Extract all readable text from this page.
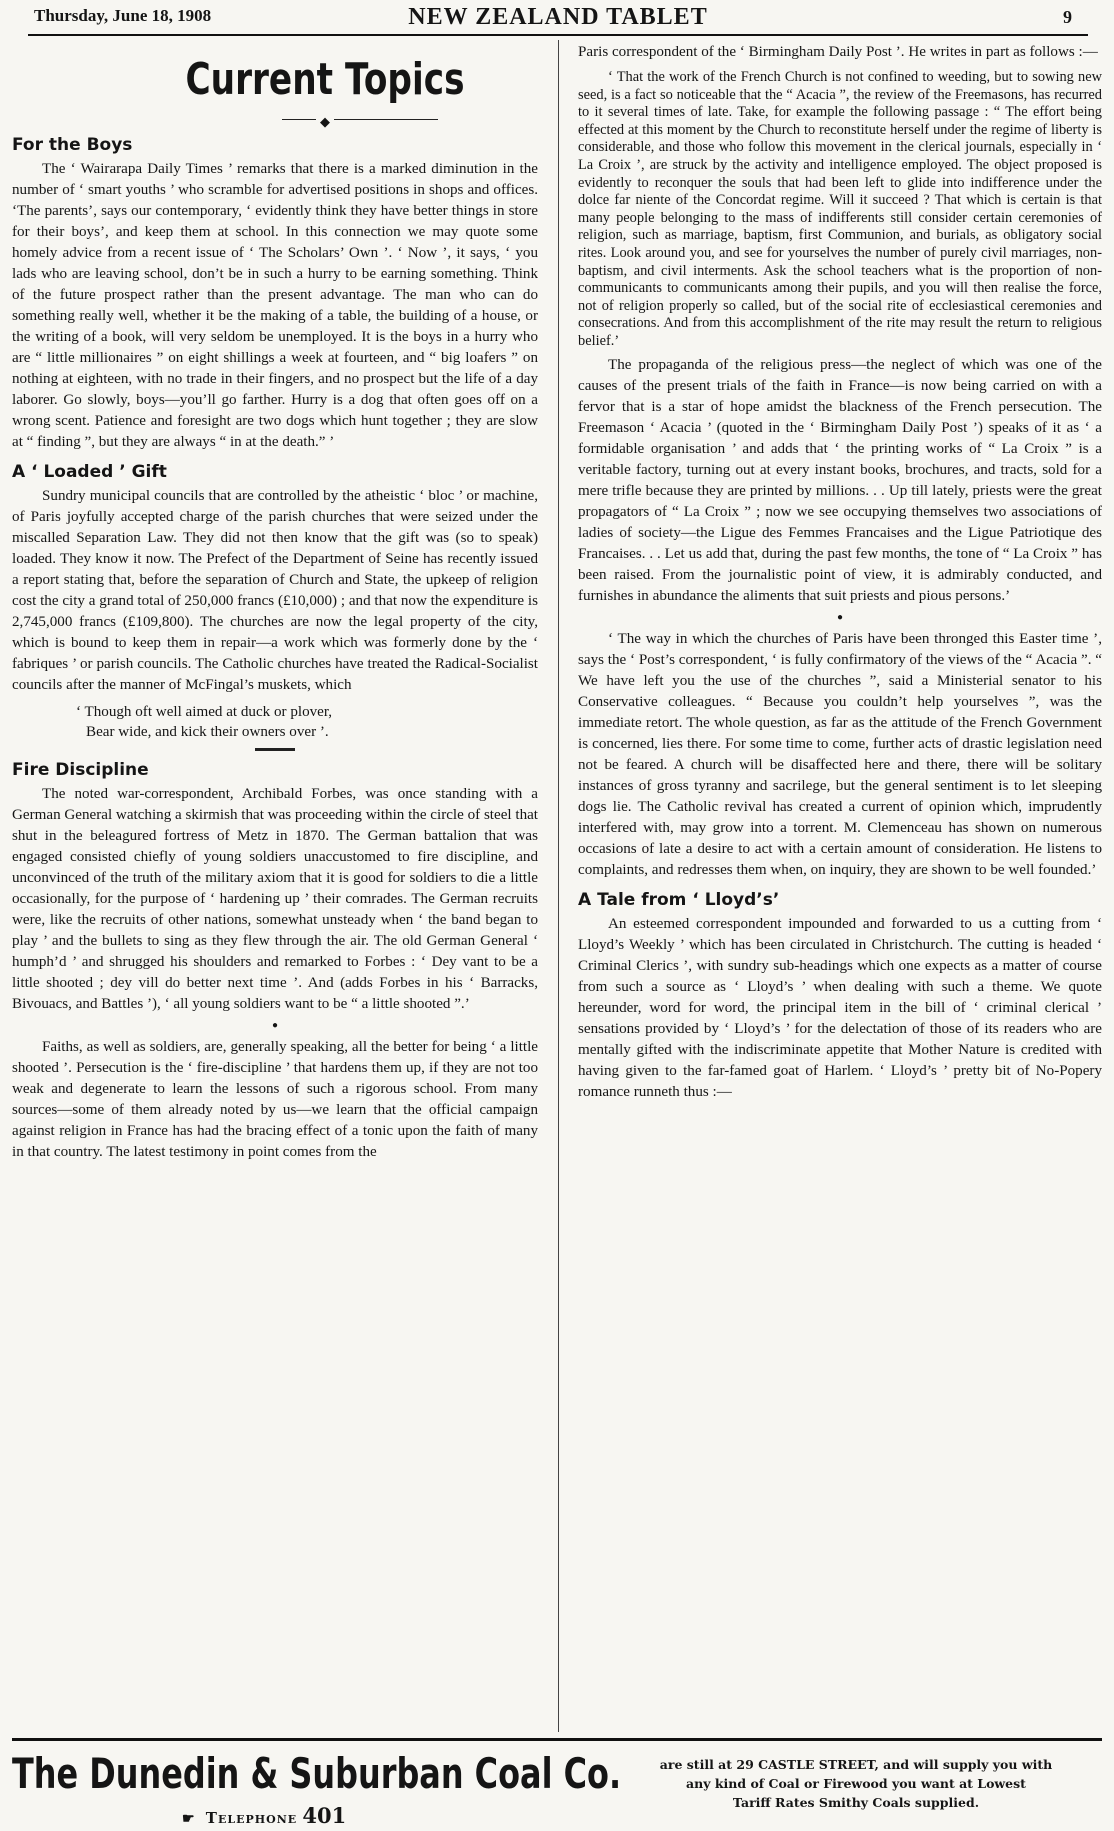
Thursday, June 18, 1908	NEW ZEALAND TABLET	9
Current Topics
◆
For the Boys

The ‘ Wairarapa Daily Times ’ remarks that there is a marked diminution in the number of ‘ smart youths ’ who scramble for advertised positions in shops and offices. ‘The parents’, says our contemporary, ‘ evidently think they have better things in store for their boys’, and keep them at school. In this connection we may quote some homely advice from a recent issue of ‘ The Scholars’ Own ’. ‘ Now ’, it says, ‘ you lads who are leaving school, don’t be in such a hurry to be earning something. Think of the future prospect rather than the present advantage. The man who can do something really well, whether it be the making of a table, the building of a house, or the writing of a book, will very seldom be unemployed. It is the boys in a hurry who are “ little millionaires ” on eight shillings a week at fourteen, and “ big loafers ” on nothing at eighteen, with no trade in their fingers, and no prospect but the life of a day laborer. Go slowly, boys—you’ll go farther. Hurry is a dog that often goes off on a wrong scent. Patience and foresight are two dogs which hunt together ; they are slow at “ finding ”, but they are always “ in at the death.” ’

A ‘ Loaded ’ Gift

Sundry municipal councils that are controlled by the atheistic ‘ bloc ’ or machine, of Paris joyfully accepted charge of the parish churches that were seized under the miscalled Separation Law. They did not then know that the gift was (so to speak) loaded. They know it now. The Prefect of the Department of Seine has recently issued a report stating that, before the separation of Church and State, the upkeep of religion cost the city a grand total of 250,000 francs (£10,000) ; and that now the expenditure is 2,745,000 francs (£109,800). The churches are now the legal property of the city, which is bound to keep them in repair—a work which was formerly done by the ‘ fabriques ’ or parish councils. The Catholic churches have treated the Radical-Socialist councils after the manner of McFingal’s muskets, which

‘ Though oft well aimed at duck or plover,
Bear wide, and kick their owners over ’.
Fire Discipline

The noted war-correspondent, Archibald Forbes, was once standing with a German General watching a skirmish that was proceeding within the circle of steel that shut in the beleagured fortress of Metz in 1870. The German battalion that was engaged consisted chiefly of young soldiers unaccustomed to fire discipline, and unconvinced of the truth of the military axiom that it is good for soldiers to die a little occasionally, for the purpose of ‘ hardening up ’ their comrades. The German recruits were, like the recruits of other nations, somewhat unsteady when ‘ the band began to play ’ and the bullets to sing as they flew through the air. The old German General ‘ humph’d ’ and shrugged his shoulders and remarked to Forbes : ‘ Dey vant to be a little shooted ; dey vill do better next time ’. And (adds Forbes in his ‘ Barracks, Bivouacs, and Battles ’), ‘ all young soldiers want to be “ a little shooted ”.’

●

Faiths, as well as soldiers, are, generally speaking, all the better for being ‘ a little shooted ’. Persecution is the ‘ fire-discipline ’ that hardens them up, if they are not too weak and degenerate to learn the lessons of such a rigorous school. From many sources—some of them already noted by us—we learn that the official campaign against religion in France has had the bracing effect of a tonic upon the faith of many in that country. The latest testimony in point comes from the

Paris correspondent of the ‘ Birmingham Daily Post ’. He writes in part as follows :—

‘ That the work of the French Church is not confined to weeding, but to sowing new seed, is a fact so noticeable that the “ Acacia ”, the review of the Freemasons, has recurred to it several times of late. Take, for example the following passage : “ The effort being effected at this moment by the Church to reconstitute herself under the regime of liberty is considerable, and those who follow this movement in the clerical journals, especially in ‘ La Croix ’, are struck by the activity and intelligence employed. The object proposed is evidently to reconquer the souls that had been left to glide into indifference under the dolce far niente of the Concordat regime. Will it succeed ? That which is certain is that many people belonging to the mass of indifferents still consider certain ceremonies of religion, such as marriage, baptism, first Communion, and burials, as obligatory social rites. Look around you, and see for yourselves the number of purely civil marriages, non-baptism, and civil interments. Ask the school teachers what is the proportion of non-communicants to communicants among their pupils, and you will then realise the force, not of religion properly so called, but of the social rite of ecclesiastical ceremonies and consecrations. And from this accomplishment of the rite may result the return to religious belief.’

The propaganda of the religious press—the neglect of which was one of the causes of the present trials of the faith in France—is now being carried on with a fervor that is a star of hope amidst the blackness of the French persecution. The Freemason ‘ Acacia ’ (quoted in the ‘ Birmingham Daily Post ’) speaks of it as ‘ a formidable organisation ’ and adds that ‘ the printing works of “ La Croix ” is a veritable factory, turning out at every instant books, brochures, and tracts, sold for a mere trifle because they are printed by millions. . . Up till lately, priests were the great propagators of “ La Croix ” ; now we see occupying themselves two associations of ladies of society—the Ligue des Femmes Francaises and the Ligue Patriotique des Francaises. . . Let us add that, during the past few months, the tone of “ La Croix ” has been raised. From the journalistic point of view, it is admirably conducted, and furnishes in abundance the aliments that suit priests and pious persons.’

●

‘ The way in which the churches of Paris have been thronged this Easter time ’, says the ‘ Post’s correspondent, ‘ is fully confirmatory of the views of the “ Acacia ”. “ We have left you the use of the churches ”, said a Ministerial senator to his Conservative colleagues. “ Because you couldn’t help yourselves ”, was the immediate retort. The whole question, as far as the attitude of the French Government is concerned, lies there. For some time to come, further acts of drastic legislation need not be feared. A church will be disaffected here and there, there will be solitary instances of gross tyranny and sacrilege, but the general sentiment is to let sleeping dogs lie. The Catholic revival has created a current of opinion which, imprudently interfered with, may grow into a torrent. M. Clemenceau has shown on numerous occasions of late a desire to act with a certain amount of consideration. He listens to complaints, and redresses them when, on inquiry, they are shown to be well founded.’

A Tale from ‘ Lloyd’s’

An esteemed correspondent impounded and forwarded to us a cutting from ‘ Lloyd’s Weekly ’ which has been circulated in Christchurch. The cutting is headed ‘ Criminal Clerics ’, with sundry sub-headings which one expects as a matter of course from such a source as ‘ Lloyd’s ’ when dealing with such a theme. We quote hereunder, word for word, the principal item in the bill of ‘ criminal clerical ’ sensations provided by ‘ Lloyd’s ’ for the delectation of those of its readers who are mentally gifted with the indiscriminate appetite that Mother Nature is credited with having given to the far-famed goat of Harlem. ‘ Lloyd’s ’ pretty bit of No-Popery romance runneth thus :—

The Dunedin & Suburban Coal Co.
☛ Telephone 401
are still at 29 CASTLE STREET, and will supply you with
any kind of Coal or Firewood you want at Lowest
Tariff Rates Smithy Coals supplied.
